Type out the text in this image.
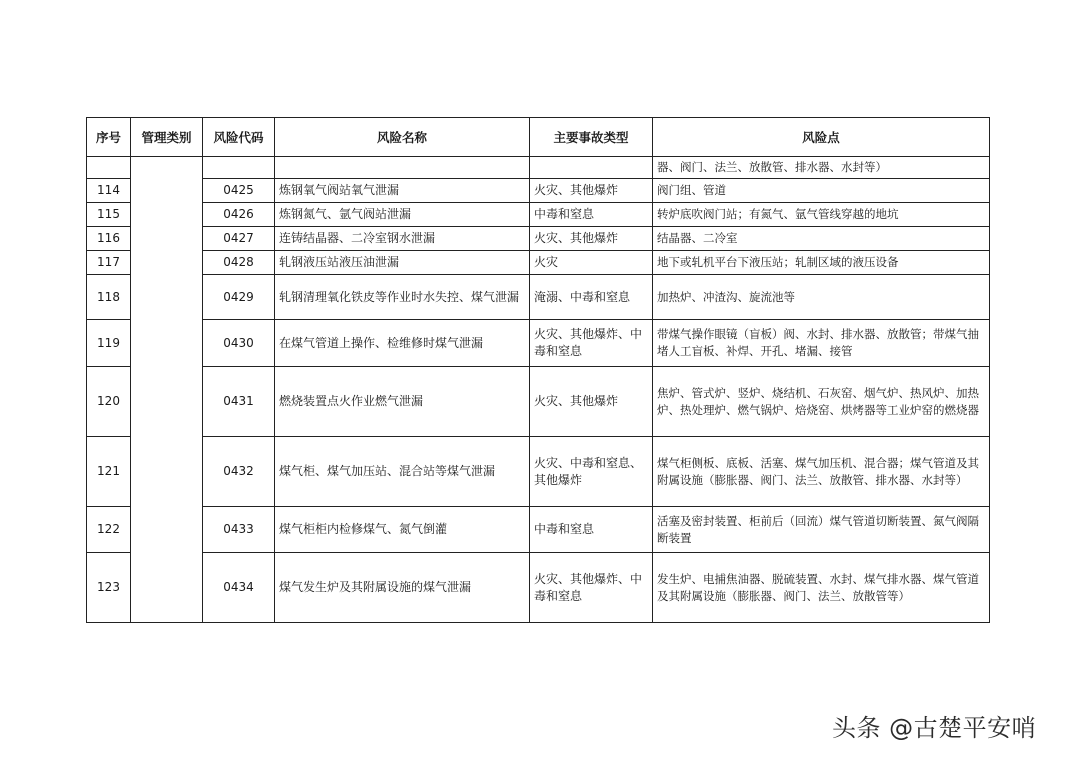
序号	管理类别	风险代码	风险名称	主要事故类型	风险点
					器、阀门、法兰、放散管、排水器、水封等）
114		0425	炼钢氧气阀站氧气泄漏	火灾、其他爆炸	阀门组、管道
115		0426	炼钢氮气、氩气阀站泄漏	中毒和窒息	转炉底吹阀门站；有氮气、氩气管线穿越的地坑
116		0427	连铸结晶器、二冷室钢水泄漏	火灾、其他爆炸	结晶器、二冷室
117		0428	轧钢液压站液压油泄漏	火灾	地下或轧机平台下液压站；轧制区域的液压设备
118		0429	轧钢清理氧化铁皮等作业时水失控、煤气泄漏	淹溺、中毒和窒息	加热炉、冲渣沟、旋流池等
119		0430	在煤气管道上操作、检维修时煤气泄漏	火灾、其他爆炸、中毒和窒息	带煤气操作眼镜（盲板）阀、水封、排水器、放散管；带煤气抽堵人工盲板、补焊、开孔、堵漏、接管
120		0431	燃烧装置点火作业燃气泄漏	火灾、其他爆炸	焦炉、管式炉、竖炉、烧结机、石灰窑、烟气炉、热风炉、加热炉、热处理炉、燃气锅炉、焙烧窑、烘烤器等工业炉窑的燃烧器
121		0432	煤气柜、煤气加压站、混合站等煤气泄漏	火灾、中毒和窒息、其他爆炸	煤气柜侧板、底板、活塞、煤气加压机、混合器；煤气管道及其附属设施（膨胀器、阀门、法兰、放散管、排水器、水封等）
122		0433	煤气柜柜内检修煤气、氮气倒灌	中毒和窒息	活塞及密封装置、柜前后（回流）煤气管道切断装置、氮气阀隔断装置
123		0434	煤气发生炉及其附属设施的煤气泄漏	火灾、其他爆炸、中毒和窒息	发生炉、电捕焦油器、脱硫装置、水封、煤气排水器、煤气管道及其附属设施（膨胀器、阀门、法兰、放散管等）
头条 @古楚平安哨
